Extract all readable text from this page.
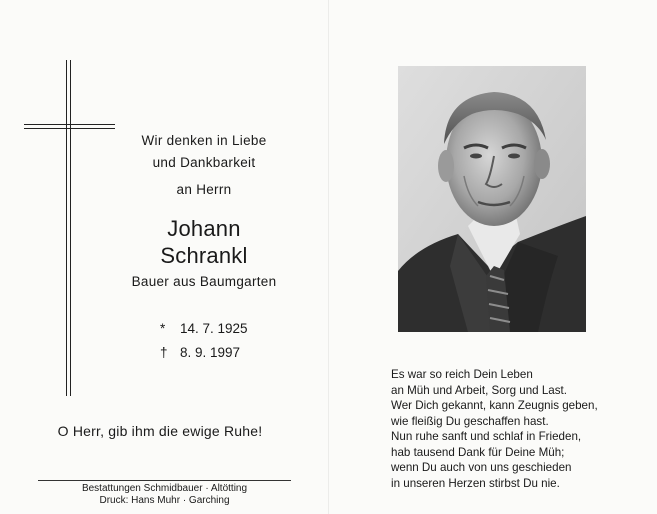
Wir denken in Liebe
und Dankbarkeit
an Herrn
Johann
Schrankl
Bauer aus Baumgarten
* 14. 7. 1925
† 8. 9. 1997
O Herr, gib ihm die ewige Ruhe!
Bestattungen Schmidbauer · Altötting
Druck: Hans Muhr · Garching
Es war so reich Dein Leben
an Müh und Arbeit, Sorg und Last.
Wer Dich gekannt, kann Zeugnis geben,
wie fleißig Du geschaffen hast.
Nun ruhe sanft und schlaf in Frieden,
hab tausend Dank für Deine Müh;
wenn Du auch von uns geschieden
in unseren Herzen stirbst Du nie.
